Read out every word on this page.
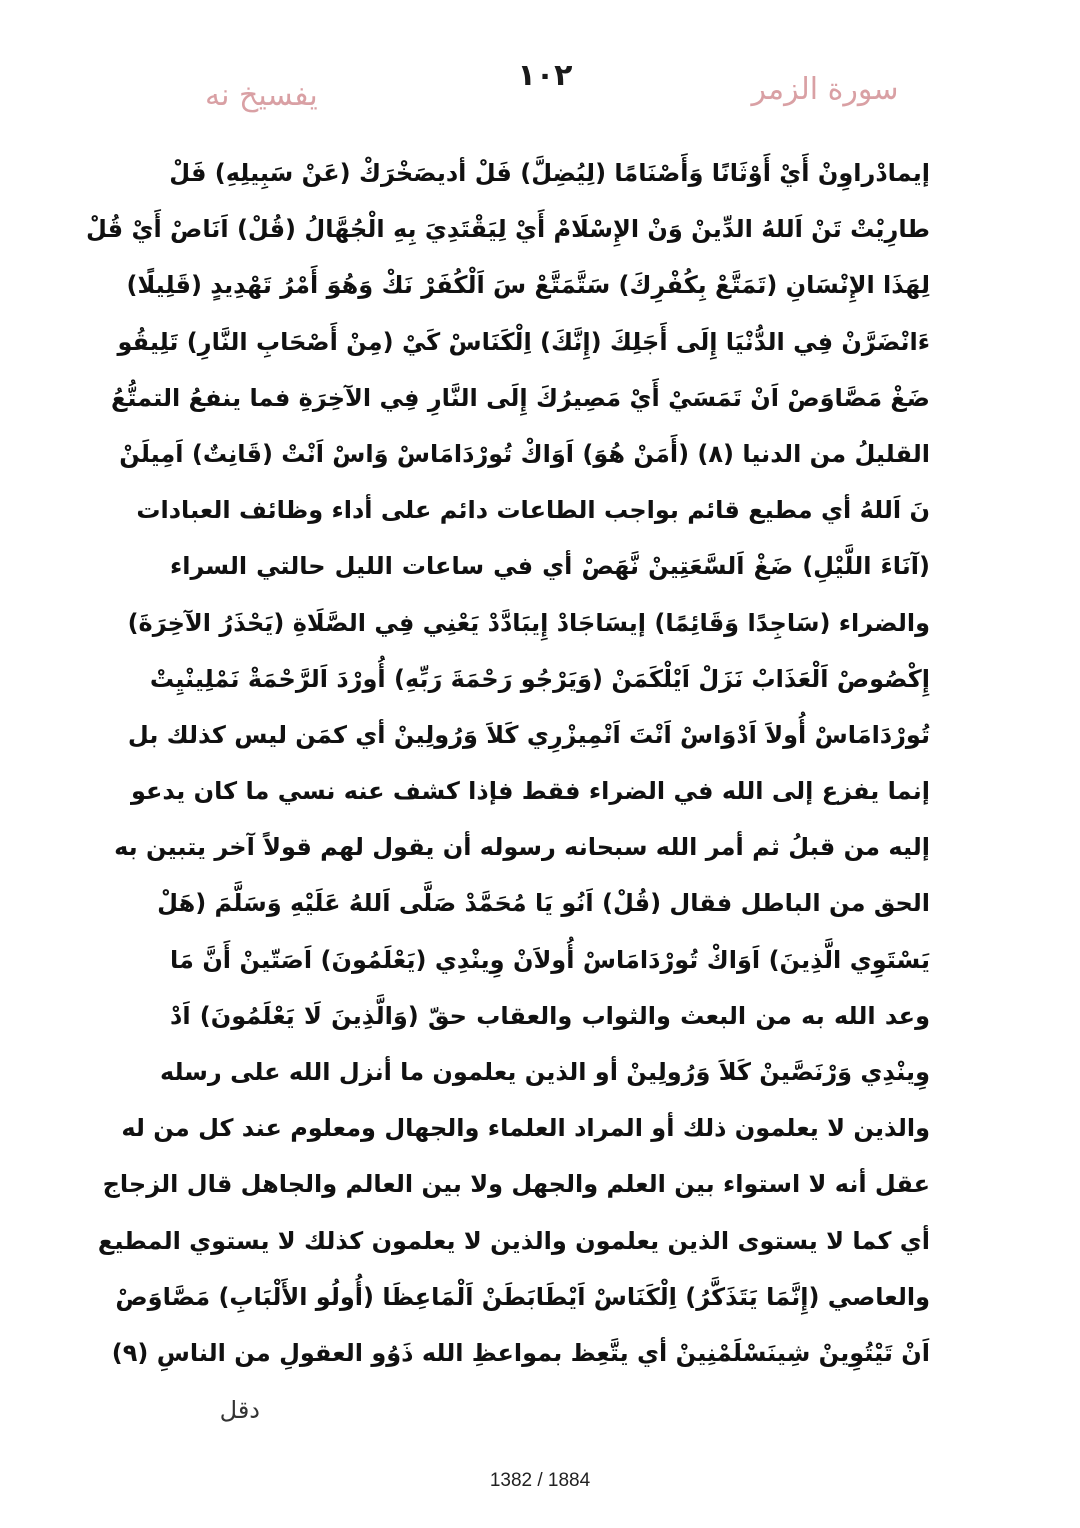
يفسيخ نه
١٠٢	سورة الزمر
إيمادْراوِنْ أَيْ أَوْثَانًا وَأَصْنَامًا (لِيُضِلَّ) فَلْ أديصَخْرَكْ (عَنْ سَبِيلِهِ) فَلْ
طارِيْتْ تَنْ اَللهُ الدِّينْ وَنْ الإِسْلَامْ أَيْ لِيَقْتَدِيَ بِهِ الْجُهَّالُ (قُلْ) اَنَاصْ أَيْ قُلْ
لِهَذَا الإِنْسَانِ (تَمَتَّعْ بِكُفْرِكَ) سَتَّمَتَّعْ سَ اَلْكُفَرْ نَكْ وَهُوَ أَمْرُ تَهْدِيدٍ (قَلِيلًا)
ءَانْضَرَّنْ فِي الدُّنْيَا إِلَى أَجَلِكَ (إِنَّكَ) اِلْكَنَاسْ كَيْ (مِنْ أَصْحَابِ النَّارِ) تَلِيقُو
ضَغْ مَصَّاوَصْ اَنْ تَمَسَيْ أَيْ مَصِيرُكَ إِلَى النَّارِ فِي الآخِرَةِ فما ينفعُ التمتُّعُ
القليلُ من الدنيا (٨) (أَمَنْ هُوَ) اَوَاكْ تُورْدَامَاسْ وَاسْ اَنْتْ (قَانِتٌ) اَمِيلَنْ
نَ اَللهُ أي مطيع قائم بواجب الطاعات دائم على أداء وظائف العبادات
(آنَاءَ اللَّيْلِ) ضَغْ اَلسَّعَتِينْ نَّهَصْ أي في ساعات الليل حالتي السراء
والضراء (سَاجِدًا وَقَائِمًا) إيسَاجَادْ إِيبَادَّدْ يَعْنِي فِي الصَّلَاةِ (يَحْذَرُ الآخِرَةَ)
إِكْصُوصْ اَلْعَذَابْ نَزَلْ اَيْلْكَمَنْ (وَيَرْجُو رَحْمَةَ رَبِّهِ) أُورْدَ اَلرَّحْمَةْ نَمْلِينْيِتْ
تُورْدَامَاسْ أُولاَ اَدْوَاسْ اَنْتَ اَنْمِيزْرِي كَلاَ وَرُولِينْ أي كمَن ليس كذلك بل
إنما يفزع إلى الله في الضراء فقط فإذا كشف عنه نسي ما كان يدعو
إليه من قبلُ ثم أمر الله سبحانه رسوله أن يقول لهم قولاً آخر يتبين به
الحق من الباطل فقال (قُلْ) اَنُو يَا مُحَمَّدْ صَلَّى اَللهُ عَلَيْهِ وَسَلَّمَ (هَلْ
يَسْتَوِي الَّذِينَ) اَوَاكْ تُورْدَامَاسْ أُولاَنْ وِينْدِي (يَعْلَمُونَ) اَصَتّينْ أَنَّ مَا
وعد الله به من البعث والثواب والعقاب حقّ (وَالَّذِينَ لَا يَعْلَمُونَ) اَدْ
وِينْدِي وَرْنَصَّينْ كَلاَ وَرُولِينْ أو الذين يعلمون ما أنزل الله على رسله
والذين لا يعلمون ذلك أو المراد العلماء والجهال ومعلوم عند كل من له
عقل أنه لا استواء بين العلم والجهل ولا بين العالم والجاهل قال الزجاج
أي كما لا يستوى الذين يعلمون والذين لا يعلمون كذلك لا يستوي المطيع
والعاصي (إِنَّمَا يَتَذَكَّرُ) اِلْكَنَاسْ اَيْطَابَطَنْ اَلْمَاعِظَا (أُولُو الأَلْبَابِ) مَصَّاوَصْ
اَنْ تَيْتُوِينْ شِينَسْلَمْنِينْ أي يتَّعِظ بمواعظِ الله ذَوُو العقولِ من الناسِ (٩)
دقل
1382 / 1884
